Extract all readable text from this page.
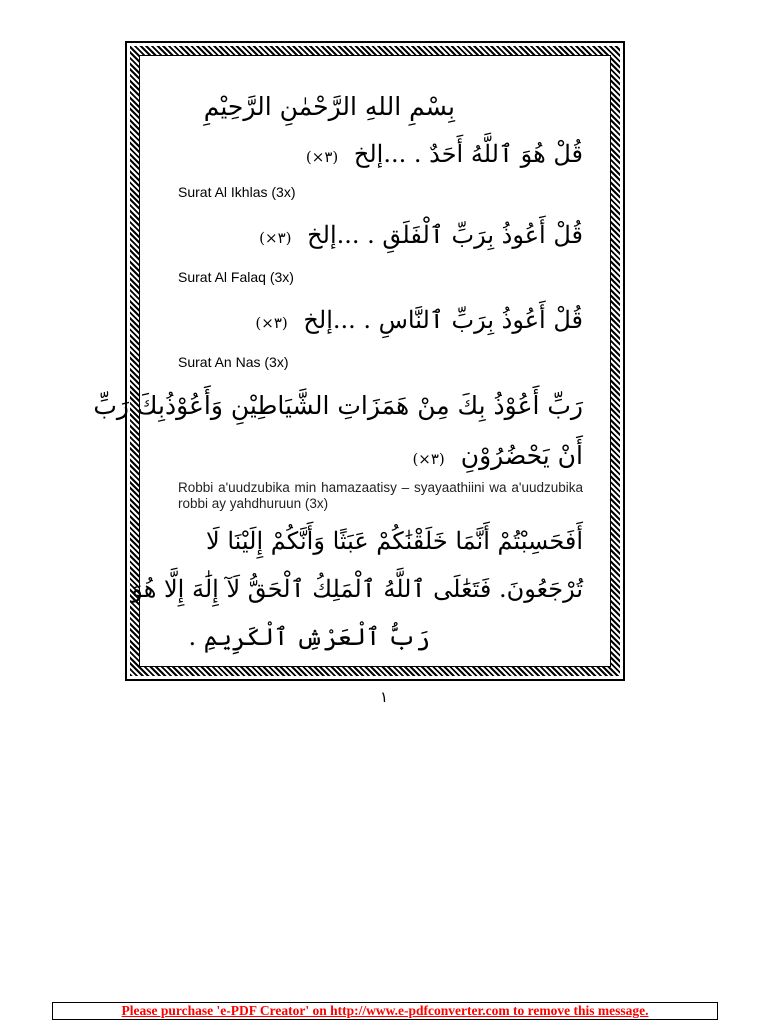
بِسْمِ اللهِ الرَّحْمٰنِ الرَّحِيْمِ
قُلْ هُوَ ٱللَّهُ أَحَدٌ . ...إلخ (٣×)
Surat Al Ikhlas (3x)
قُلْ أَعُوذُ بِرَبِّ ٱلْفَلَقِ . ...إلخ (٣×)
Surat Al Falaq (3x)
قُلْ أَعُوذُ بِرَبِّ ٱلنَّاسِ . ...إلخ (٣×)
Surat An Nas (3x)
رَبِّ أَعُوْذُ بِكَ مِنْ هَمَزَاتِ الشَّيَاطِيْنِ وَأَعُوْذُبِكَ رَبِّ
أَنْ يَحْضُرُوْنِ (٣×)
Robbi a'uudzubika min hamazaatisy – syayaathiini wa a'uudzubika robbi ay yahdhuruun (3x)
أَفَحَسِبْتُمْ أَنَّمَا خَلَقْنَٰكُمْ عَبَثًا وَأَنَّكُمْ إِلَيْنَا لَا
تُرْجَعُونَ. فَتَعَٰلَى ٱللَّهُ ٱلْمَلِكُ ٱلْحَقُّ لَآ إِلَٰهَ إِلَّا هُوَ
رَبُّ ٱلْعَرْشِ ٱلْكَرِيمِ .
١
Please purchase 'e-PDF Creator' on http://www.e-pdfconverter.com to remove this message.
